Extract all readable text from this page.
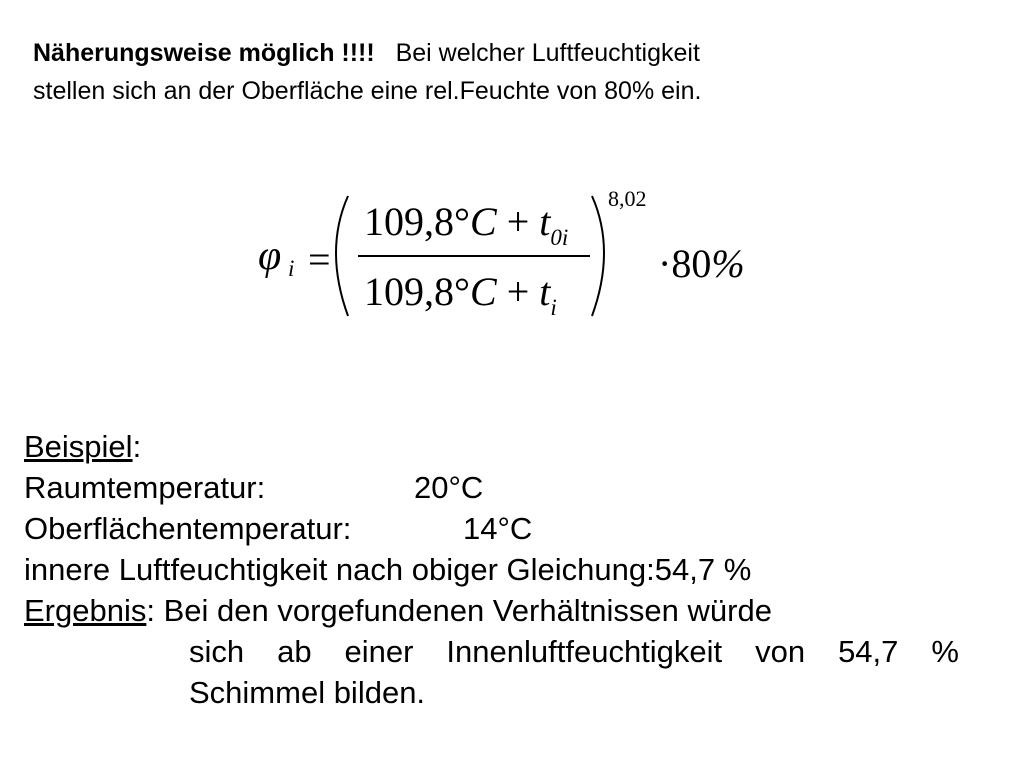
Näherungsweise möglich !!!! Bei welcher Luftfeuchtigkeit
stellen sich an der Oberfläche eine rel.Feuchte von 80% ein.
φ i =
$109,8^\circ C + t_{0i}$
$109,8^\circ C + t_i$
8,02
·80%
Beispiel:
Raumtemperatur:	20°C
Oberflächentemperatur:	14°C
innere Luftfeuchtigkeit nach obiger Gleichung:54,7 %
Ergebnis: Bei den vorgefundenen Verhältnissen würde
sich ab einer Innenluftfeuchtigkeit von 54,7 %
Schimmel bilden.
